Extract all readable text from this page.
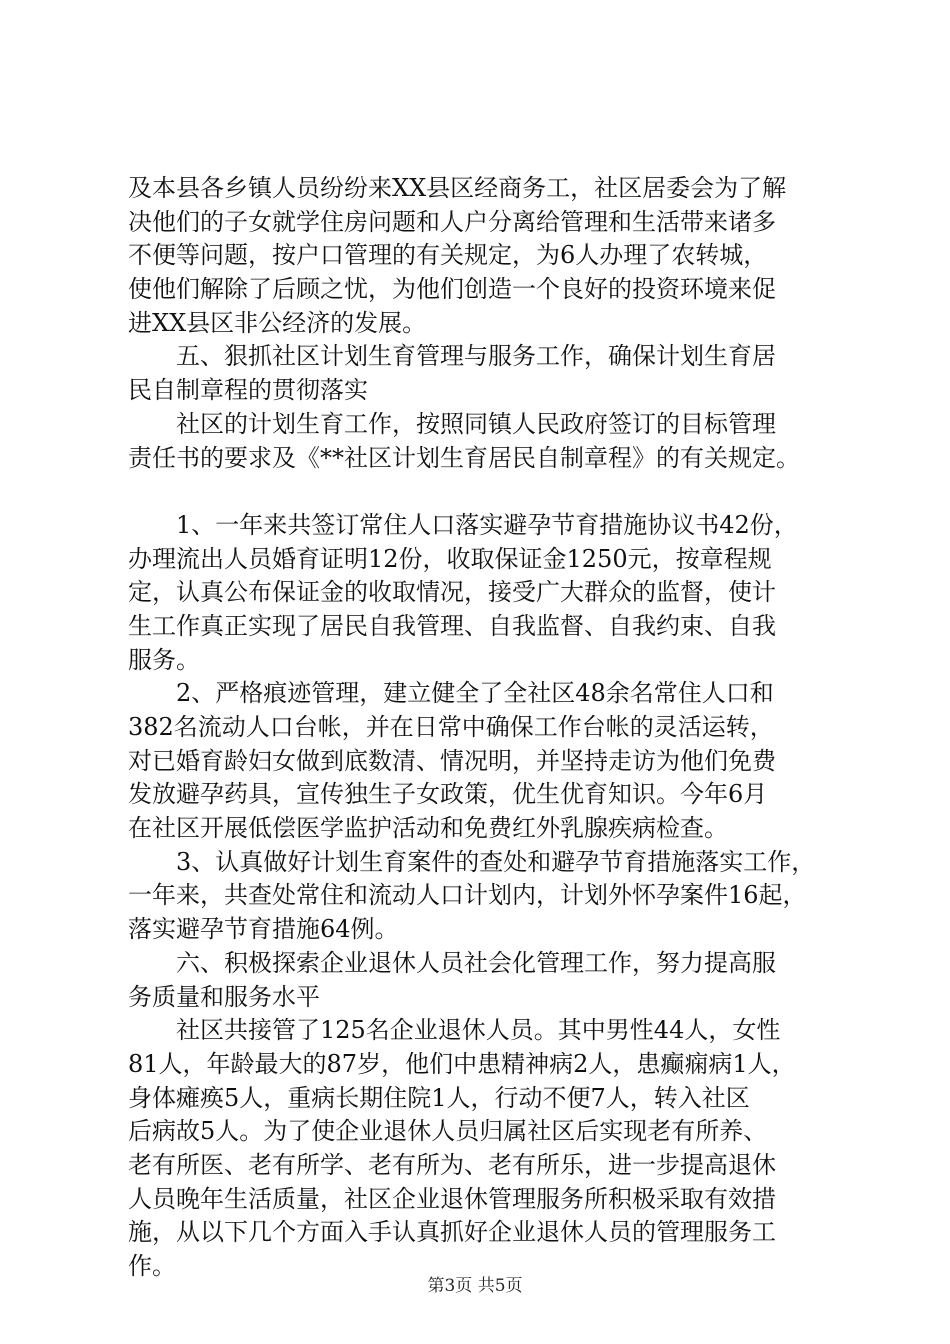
及本县各乡镇人员纷纷来XX县区经商务工，社区居委会为了解
决他们的子女就学住房问题和人户分离给管理和生活带来诸多
不便等问题，按户口管理的有关规定，为6人办理了农转城，
使他们解除了后顾之忧，为他们创造一个良好的投资环境来促
进XX县区非公经济的发展。
　　五、狠抓社区计划生育管理与服务工作，确保计划生育居
民自制章程的贯彻落实
　　社区的计划生育工作，按照同镇人民政府签订的目标管理
责任书的要求及《**社区计划生育居民自制章程》的有关规定。
　　1、一年来共签订常住人口落实避孕节育措施协议书42份，
办理流出人员婚育证明12份，收取保证金1250元，按章程规
定，认真公布保证金的收取情况，接受广大群众的监督，使计
生工作真正实现了居民自我管理、自我监督、自我约束、自我
服务。
　　2、严格痕迹管理，建立健全了全社区48余名常住人口和
382名流动人口台帐，并在日常中确保工作台帐的灵活运转，
对已婚育龄妇女做到底数清、情况明，并坚持走访为他们免费
发放避孕药具，宣传独生子女政策，优生优育知识。今年6月
在社区开展低偿医学监护活动和免费红外乳腺疾病检查。
　　3、认真做好计划生育案件的查处和避孕节育措施落实工作，
一年来，共查处常住和流动人口计划内，计划外怀孕案件16起，
落实避孕节育措施64例。
　　六、积极探索企业退休人员社会化管理工作，努力提高服
务质量和服务水平
　　社区共接管了125名企业退休人员。其中男性44人，女性
81人，年龄最大的87岁，他们中患精神病2人，患癫痫病1人，
身体瘫痪5人，重病长期住院1人，行动不便7人，转入社区
后病故5人。为了使企业退休人员归属社区后实现老有所养、
老有所医、老有所学、老有所为、老有所乐，进一步提高退休
人员晚年生活质量，社区企业退休管理服务所积极采取有效措
施，从以下几个方面入手认真抓好企业退休人员的管理服务工
作。
第3页 共5页
